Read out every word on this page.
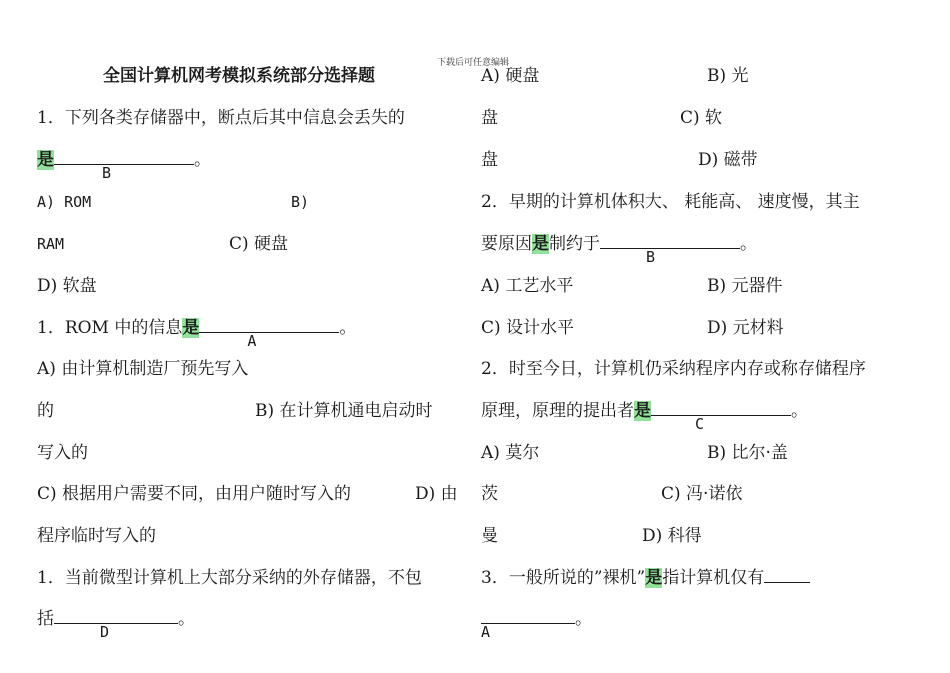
下载后可任意编辑
全国计算机网考模拟系统部分选择题
1．下列各类存储器中，断点后其中信息会丢失的
是
B
。
A) ROM	B)
RAM	C) 硬盘
D) 软盘
1．ROM 中的信息是
A
。
A) 由计算机制造厂预先写入
的	B) 在计算机通电启动时
写入的
C) 根据用户需要不同，由用户随时写入的	D) 由
程序临时写入的
1．当前微型计算机上大部分采纳的外存储器，不包
括
D
。
A) 硬盘	B) 光
盘	C) 软
盘	D) 磁带
2．早期的计算机体积大、 耗能高、 速度慢，其主
要原因是制约于
B
。
A) 工艺水平	B) 元器件
C) 设计水平	D) 元材料
2．时至今日，计算机仍采纳程序内存或称存储程序
原理，原理的提出者是
C
。
A) 莫尔	B) 比尔·盖
茨	C) 冯·诺依
曼	D) 科得
3．一般所说的”裸机”是指计算机仅有
A
。
